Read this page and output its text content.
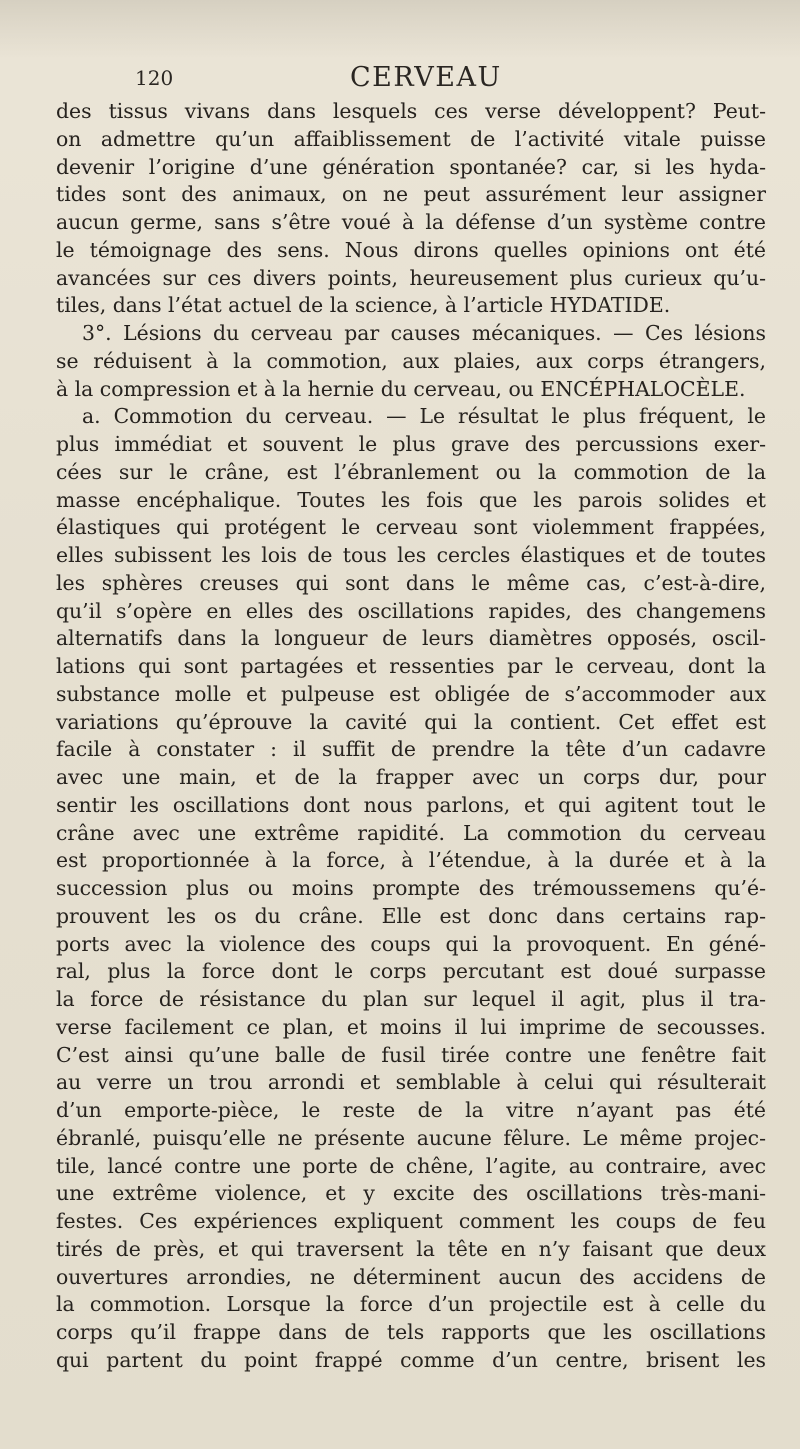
120	CERVEAU
des tissus vivans dans lesquels ces verse développent? Peut-
on admettre qu’un affaiblissement de l’activité vitale puisse
devenir l’origine d’une génération spontanée? car, si les hyda-
tides sont des animaux, on ne peut assurément leur assigner
aucun germe, sans s’être voué à la défense d’un système contre
le témoignage des sens. Nous dirons quelles opinions ont été
avancées sur ces divers points, heureusement plus curieux qu’u-
tiles, dans l’état actuel de la science, à l’article HYDATIDE.
3°. Lésions du cerveau par causes mécaniques. — Ces lésions
se réduisent à la commotion, aux plaies, aux corps étrangers,
à la compression et à la hernie du cerveau, ou ENCÉPHALOCÈLE.
a. Commotion du cerveau. — Le résultat le plus fréquent, le
plus immédiat et souvent le plus grave des percussions exer-
cées sur le crâne, est l’ébranlement ou la commotion de la
masse encéphalique. Toutes les fois que les parois solides et
élastiques qui protégent le cerveau sont violemment frappées,
elles subissent les lois de tous les cercles élastiques et de toutes
les sphères creuses qui sont dans le même cas, c’est-à-dire,
qu’il s’opère en elles des oscillations rapides, des changemens
alternatifs dans la longueur de leurs diamètres opposés, oscil-
lations qui sont partagées et ressenties par le cerveau, dont la
substance molle et pulpeuse est obligée de s’accommoder aux
variations qu’éprouve la cavité qui la contient. Cet effet est
facile à constater : il suffit de prendre la tête d’un cadavre
avec une main, et de la frapper avec un corps dur, pour
sentir les oscillations dont nous parlons, et qui agitent tout le
crâne avec une extrême rapidité. La commotion du cerveau
est proportionnée à la force, à l’étendue, à la durée et à la
succession plus ou moins prompte des trémoussemens qu’é-
prouvent les os du crâne. Elle est donc dans certains rap-
ports avec la violence des coups qui la provoquent. En géné-
ral, plus la force dont le corps percutant est doué surpasse
la force de résistance du plan sur lequel il agit, plus il tra-
verse facilement ce plan, et moins il lui imprime de secousses.
C’est ainsi qu’une balle de fusil tirée contre une fenêtre fait
au verre un trou arrondi et semblable à celui qui résulterait
d’un emporte-pièce, le reste de la vitre n’ayant pas été
ébranlé, puisqu’elle ne présente aucune fêlure. Le même projec-
tile, lancé contre une porte de chêne, l’agite, au contraire, avec
une extrême violence, et y excite des oscillations très-mani-
festes. Ces expériences expliquent comment les coups de feu
tirés de près, et qui traversent la tête en n’y faisant que deux
ouvertures arrondies, ne déterminent aucun des accidens de
la commotion. Lorsque la force d’un projectile est à celle du
corps qu’il frappe dans de tels rapports que les oscillations
qui partent du point frappé comme d’un centre, brisent les
